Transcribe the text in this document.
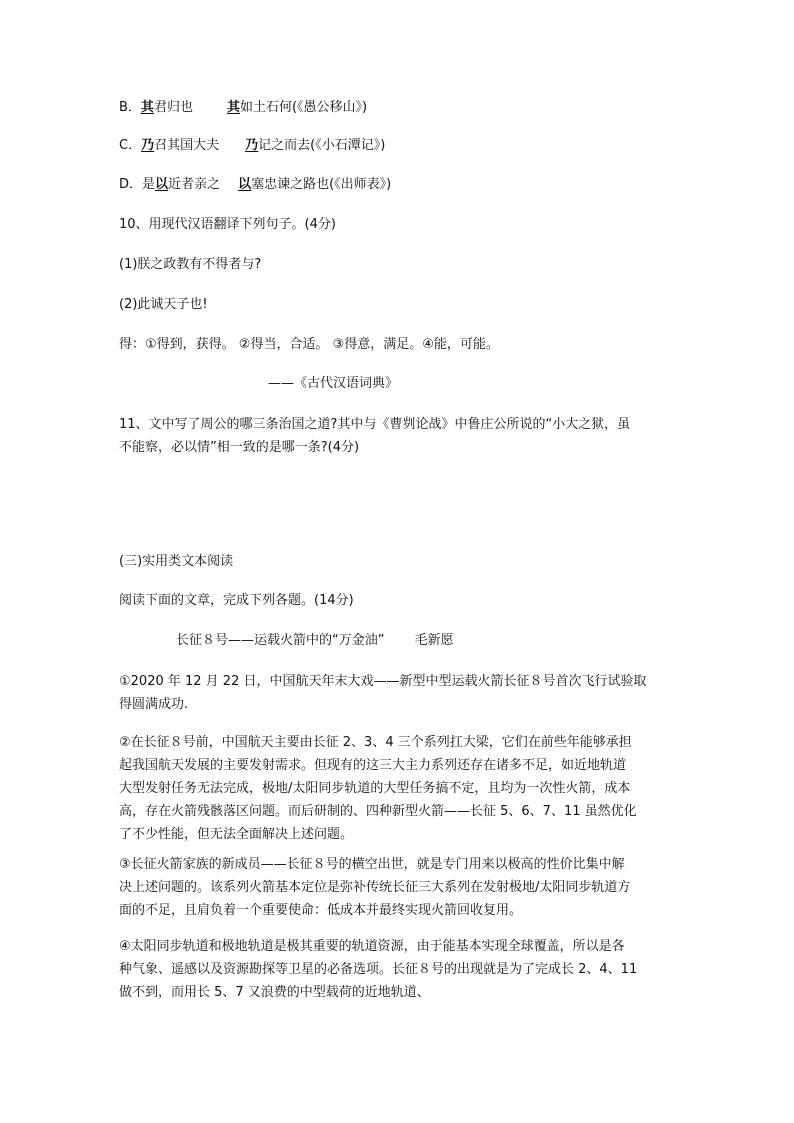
B．其君归也	其如土石何(《愚公移山》)
C．乃召其国大夫 乃记之而去(《小石潭记》)
D．是以近者亲之 以塞忠谏之路也(《出师表》)
10、用现代汉语翻译下列句子。(4分)
(1)朕之政教有不得者与?
(2)此诚天子也!
得：①得到，获得。 ②得当，合适。 ③得意，满足。④能，可能。
——《古代汉语词典》
11、文中写了周公的哪三条治国之道?其中与《曹刿论战》中鲁庄公所说的“小大之狱，虽
不能察，必以情”相一致的是哪一条?(4分)
(三)实用类文本阅读
阅读下面的文章，完成下列各题。(14分)
长征８号——运载火箭中的“万金油” 毛新愿
①2020 年 12 月 22 日，中国航天年末大戏——新型中型运载火箭长征８号首次飞行试验取
得圆满成功.
②在长征８号前，中国航天主要由长征 2、3、4 三个系列扛大梁，它们在前些年能够承担
起我国航天发展的主要发射需求。但现有的这三大主力系列还存在诸多不足，如近地轨道
大型发射任务无法完成，极地/太阳同步轨道的大型任务搞不定，且均为一次性火箭，成本
高，存在火箭残骸落区问题。而后研制的、四种新型火箭——长征 5、6、7、11 虽然优化
了不少性能，但无法全面解决上述问题。
③长征火箭家族的新成员——长征８号的横空出世，就是专门用来以极高的性价比集中解
决上述问题的。该系列火箭基本定位是弥补传统长征三大系列在发射极地/太阳同步轨道方
面的不足，且肩负着一个重要使命：低成本并最终实现火箭回收复用。
④太阳同步轨道和极地轨道是极其重要的轨道资源，由于能基本实现全球覆盖，所以是各
种气象、遥感以及资源勘探等卫星的必备选项。长征８号的出现就是为了完成长 2、4、11
做不到，而用长 5、7 又浪费的中型载荷的近地轨道、
